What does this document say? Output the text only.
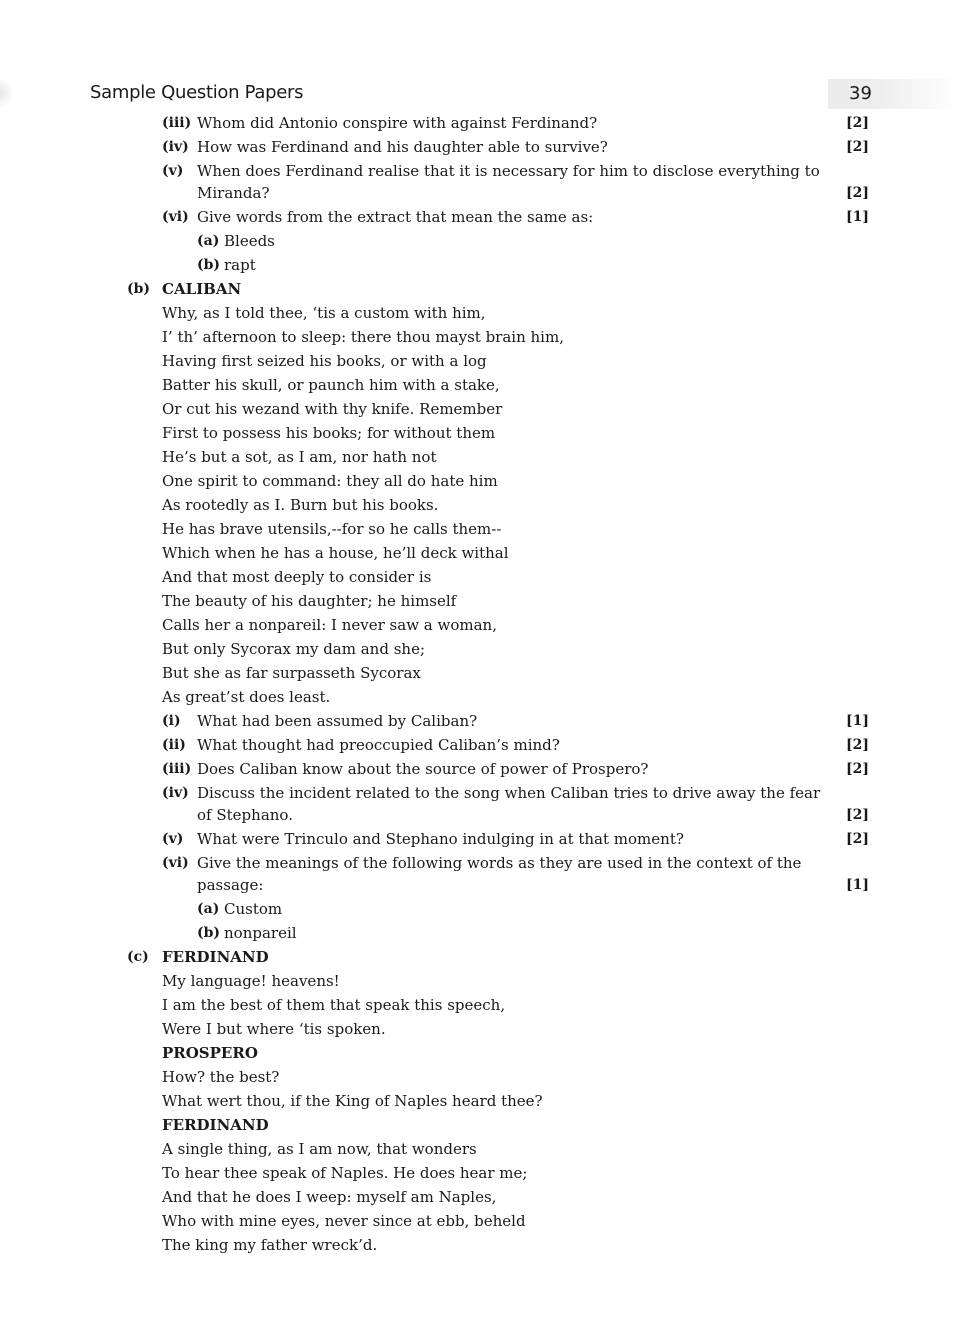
Sample Question Papers	39
(iii) Whom did Antonio conspire with against Ferdinand?	[2]
(iv) How was Ferdinand and his daughter able to survive?	[2]
(v) When does Ferdinand realise that it is necessary for him to disclose everything to Miranda?	[2]
(vi) Give words from the extract that mean the same as:	[1]
(a) Bleeds
(b) rapt
(b) CALIBAN
Why, as I told thee, ‘tis a custom with him,
I’ th’ afternoon to sleep: there thou mayst brain him,
Having first seized his books, or with a log
Batter his skull, or paunch him with a stake,
Or cut his wezand with thy knife. Remember
First to possess his books; for without them
He’s but a sot, as I am, nor hath not
One spirit to command: they all do hate him
As rootedly as I. Burn but his books.
He has brave utensils,--for so he calls them--
Which when he has a house, he’ll deck withal
And that most deeply to consider is
The beauty of his daughter; he himself
Calls her a nonpareil: I never saw a woman,
But only Sycorax my dam and she;
But she as far surpasseth Sycorax
As great’st does least.
(i)	What had been assumed by Caliban?	[1]
(ii) What thought had preoccupied Caliban’s mind?	[2]
(iii) Does Caliban know about the source of power of Prospero?	[2]
(iv) Discuss the incident related to the song when Caliban tries to drive away the fear of Stephano.	[2]
(v) What were Trinculo and Stephano indulging in at that moment?	[2]
(vi) Give the meanings of the following words as they are used in the context of the passage:	[1]
(a) Custom
(b) nonpareil
(c) FERDINAND
My language! heavens!
I am the best of them that speak this speech,
Were I but where ‘tis spoken.
PROSPERO
How? the best?
What wert thou, if the King of Naples heard thee?
FERDINAND
A single thing, as I am now, that wonders
To hear thee speak of Naples. He does hear me;
And that he does I weep: myself am Naples,
Who with mine eyes, never since at ebb, beheld
The king my father wreck’d.
